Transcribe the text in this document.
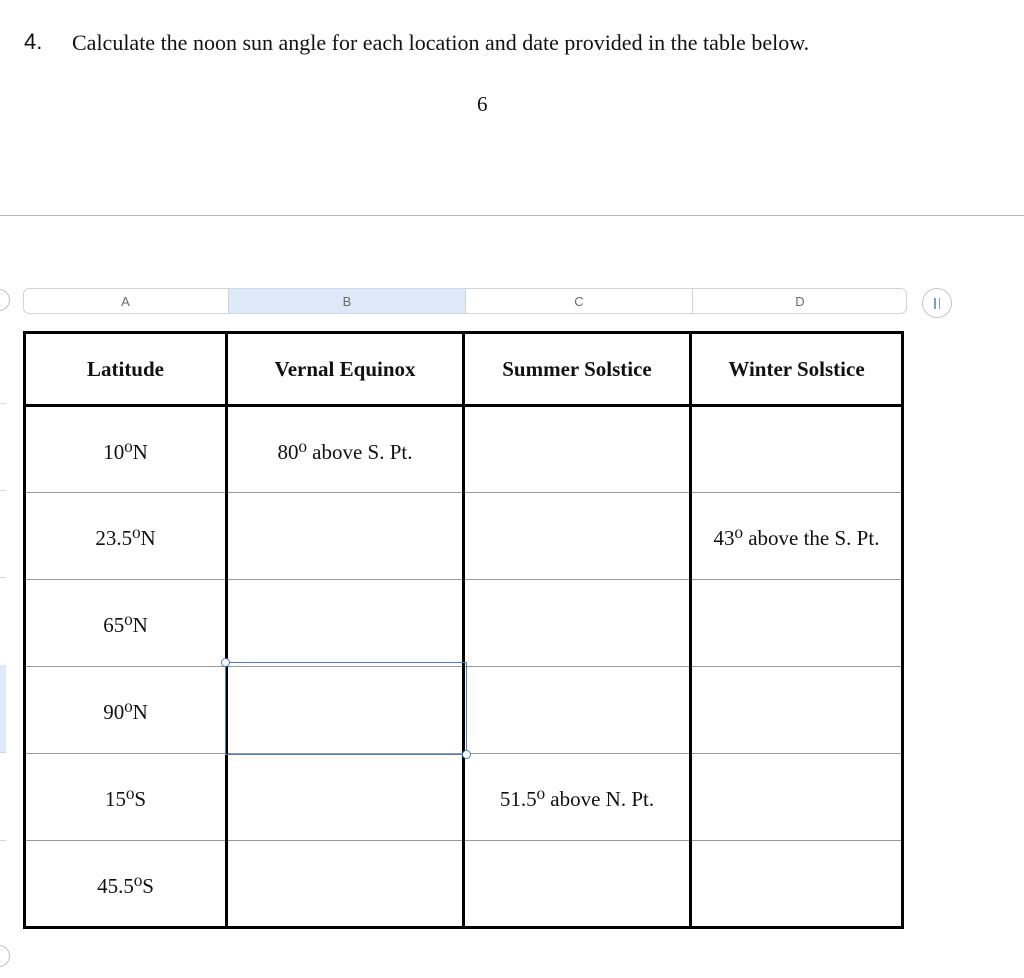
4. Calculate the noon sun angle for each location and date provided in the table below.
6
A	B	C	D
Latitude	Vernal Equinox	Summer Solstice	Winter Solstice
10⁰N	80⁰ above S. Pt.		
23.5⁰N			43⁰ above the S. Pt.
65⁰N			
90⁰N			
15⁰S		51.5⁰ above N. Pt.	
45.5⁰S			
